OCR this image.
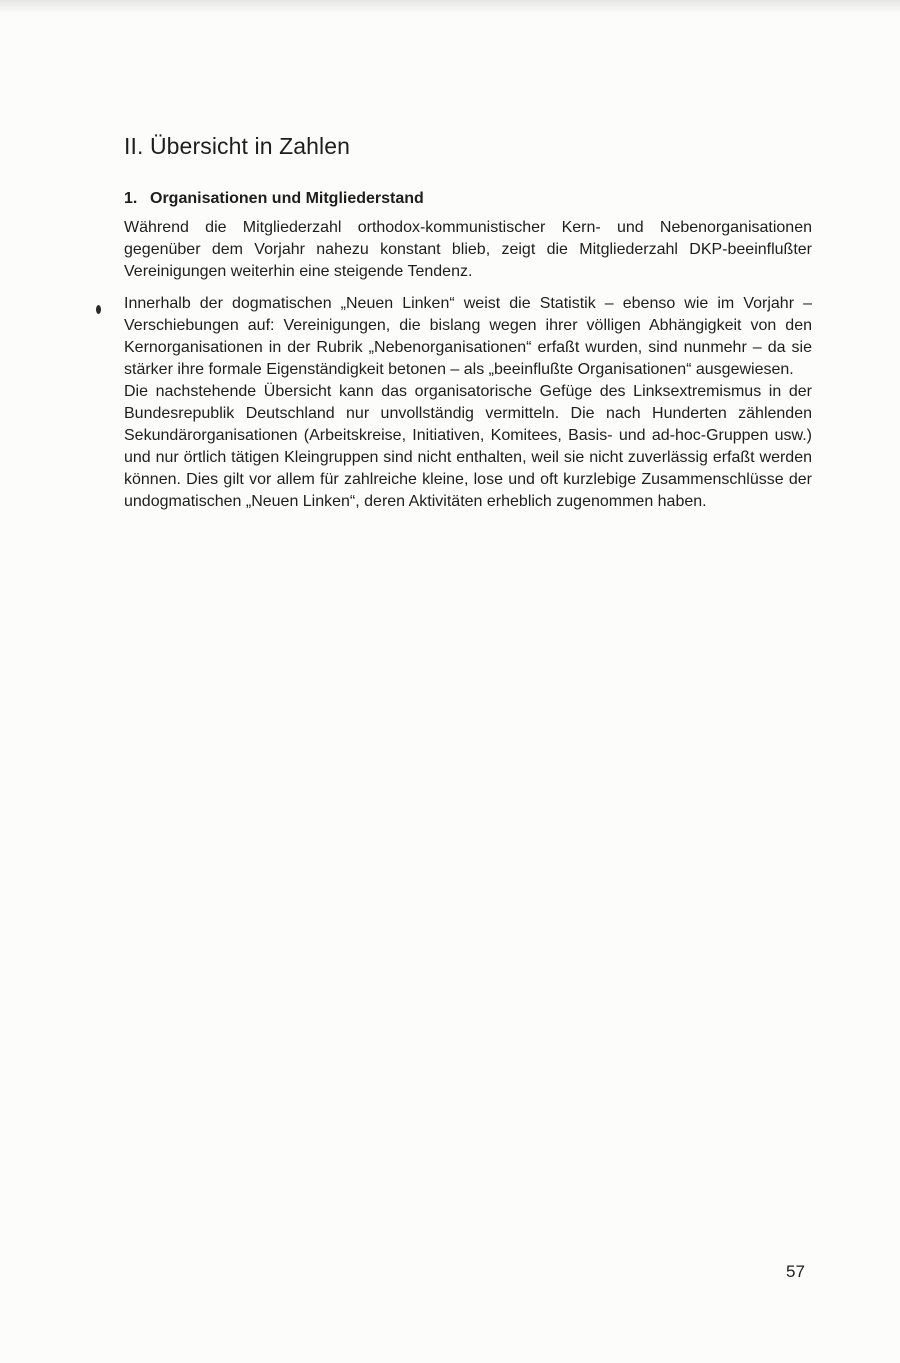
II. Übersicht in Zahlen
1. Organisationen und Mitgliederstand

Während die Mitgliederzahl orthodox-kommunistischer Kern- und Nebenorganisationen gegenüber dem Vorjahr nahezu konstant blieb, zeigt die Mitgliederzahl DKP-beeinflußter Vereinigungen weiterhin eine steigende Tendenz.

Innerhalb der dogmatischen „Neuen Linken“ weist die Statistik – ebenso wie im Vorjahr – Verschiebungen auf: Vereinigungen, die bislang wegen ihrer völligen Abhängigkeit von den Kernorganisationen in der Rubrik „Nebenorganisationen“ erfaßt wurden, sind nunmehr – da sie stärker ihre formale Eigenständigkeit betonen – als „beeinflußte Organisationen“ ausgewiesen.

Die nachstehende Übersicht kann das organisatorische Gefüge des Linksextremismus in der Bundesrepublik Deutschland nur unvollständig vermitteln. Die nach Hunderten zählenden Sekundärorganisationen (Arbeitskreise, Initiativen, Komitees, Basis- und ad-hoc-Gruppen usw.) und nur örtlich tätigen Kleingruppen sind nicht enthalten, weil sie nicht zuverlässig erfaßt werden können. Dies gilt vor allem für zahlreiche kleine, lose und oft kurzlebige Zusammenschlüsse der undogmatischen „Neuen Linken“, deren Aktivitäten erheblich zugenommen haben.

57
